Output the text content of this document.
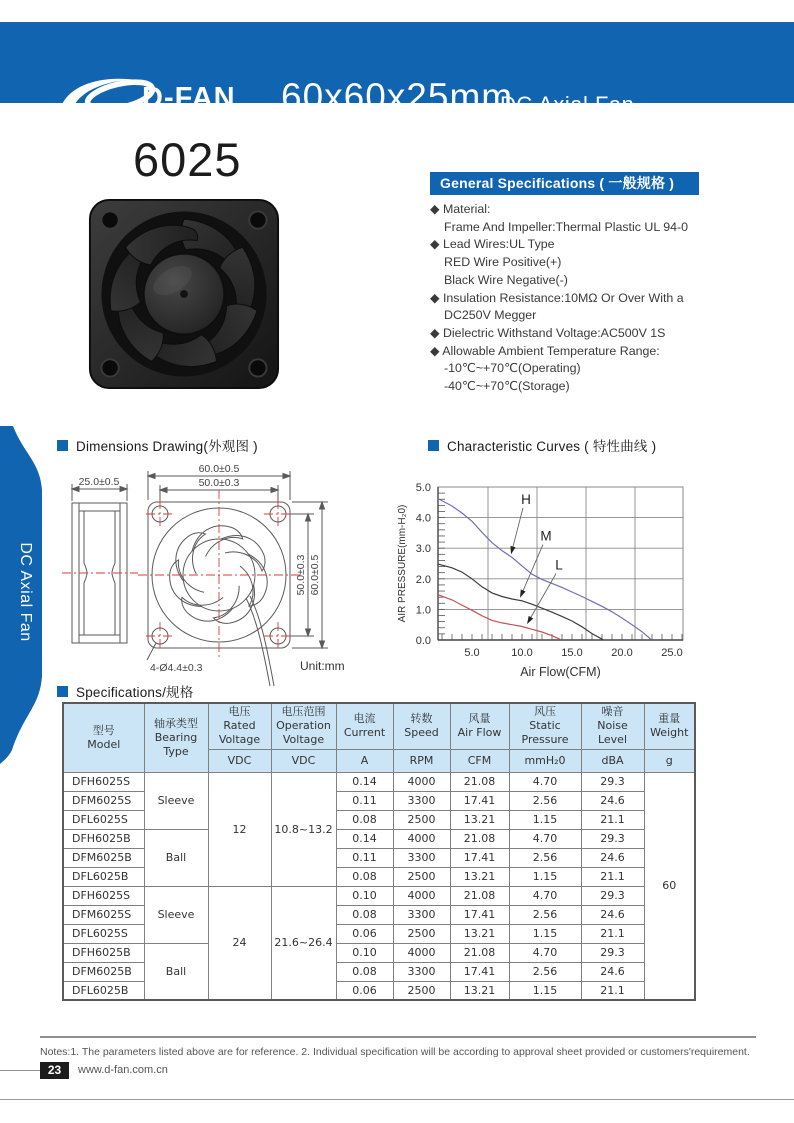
D-FAN 60x60x25mm
DC Axial Fan
DC Axial Fan
6025	General Specifications ( 一般规格 )
◆ Material:
Frame And Impeller:Thermal Plastic UL 94-0
◆ Lead Wires:UL Type
RED Wire Positive(+)
Black Wire Negative(-)
◆ Insulation Resistance:10MΩ Or Over With a
DC250V Megger
◆ Dielectric Withstand Voltage:AC500V 1S
◆ Allowable Ambient Temperature Range:
-10℃~+70℃(Operating)
-40℃~+70℃(Storage)
Dimensions Drawing(外观图 )	Characteristic Curves ( 特性曲线 )
Specifications/规格
25.0±0.5
60.0±0.5
50.0±0.3
50.0±0.3 60.0±0.5
4-Ø4.4±0.3	Unit:mm
0.0
1.0
2.0
3.0
4.0
5.0
5.0	10.0	15.0	20.0	25.0
AIR PRESSURE(mm-H₂0)
Air Flow(CFM)
H
M
L
型号
Model

轴承类型
Bearing Type

电压
Rated Voltage

电压范围
Operation Voltage

电流
Current

转数
Speed

风量
Air Flow

风压
Static Pressure

噪音
Noise Level

重量
Weight

		VDC	VDC	A	RPM	CFM	mmH₂0	dBA	g
DFH6025S	Sleeve	12	10.8~13.2	0.14	4000	21.08	4.70	29.3	60
DFM6025S				0.11	3300	17.41	2.56	24.6	
DFL6025S				0.08	2500	13.21	1.15	21.1	
DFH6025B	Ball			0.14	4000	21.08	4.70	29.3	
DFM6025B				0.11	3300	17.41	2.56	24.6	
DFL6025B				0.08	2500	13.21	1.15	21.1	
DFH6025S	Sleeve	24	21.6~26.4	0.10	4000	21.08	4.70	29.3	
DFM6025S				0.08	3300	17.41	2.56	24.6	
DFL6025S				0.06	2500	13.21	1.15	21.1	
DFH6025B	Ball			0.10	4000	21.08	4.70	29.3	
DFM6025B				0.08	3300	17.41	2.56	24.6	
DFL6025B				0.06	2500	13.21	1.15	21.1	
Notes:1. The parameters listed above are for reference. 2. Individual specification will be according to approval sheet provided or customers'requirement.
23	www.d-fan.com.cn
